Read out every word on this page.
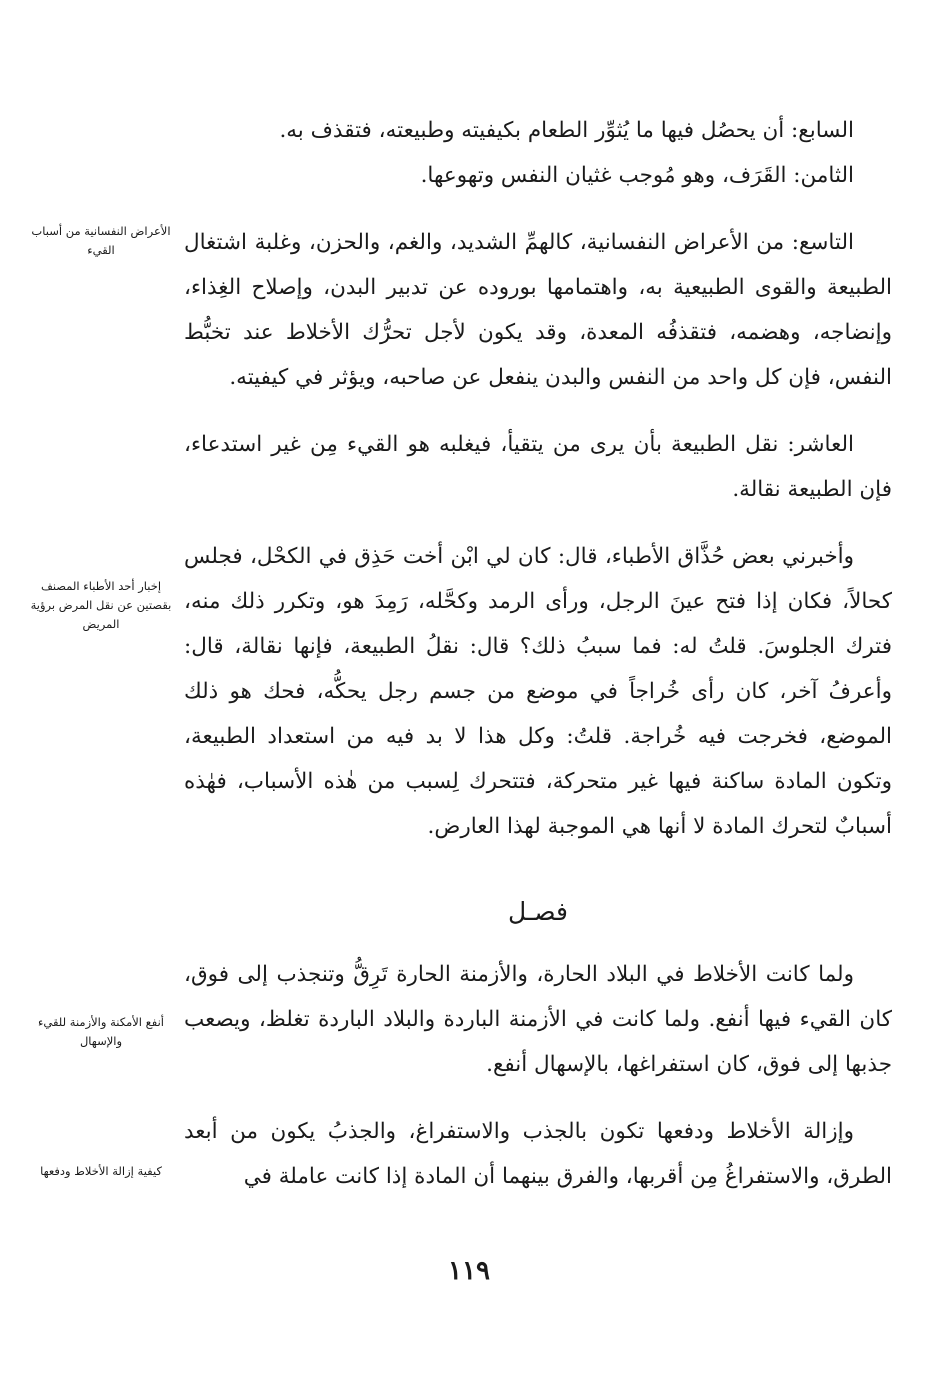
السابع: أن يحصُل فيها ما يُثوِّر الطعام بكيفيته وطبيعته، فتقذف به.

الثامن: القَرَف، وهو مُوجب غثيان النفس وتهوعها.

التاسع: من الأعراض النفسانية، كالهمِّ الشديد، والغم، والحزن، وغلبة اشتغال الطبيعة والقوى الطبيعية به، واهتمامها بوروده عن تدبير البدن، وإصلاح الغِذاء، وإنضاجه، وهضمه، فتقذفُه المعدة، وقد يكون لأجل تحرُّك الأخلاط عند تخبُّط النفس، فإن كل واحد من النفس والبدن ينفعل عن صاحبه، ويؤثر في كيفيته.

العاشر: نقل الطبيعة بأن يرى من يتقيأ، فيغلبه هو القيء مِن غير استدعاء، فإن الطبيعة نقالة.

وأخبرني بعض حُذَّاق الأطباء، قال: كان لي ابْن أخت حَذِق في الكحْل، فجلس كحالاً، فكان إذا فتح عينَ الرجل، ورأى الرمد وكحَّله، رَمِدَ هو، وتكرر ذلك منه، فترك الجلوسَ. قلتُ له: فما سببُ ذلك؟ قال: نقلُ الطبيعة، فإنها نقالة، قال: وأعرفُ آخر، كان رأى خُراجاً في موضع من جسم رجل يحكُّه، فحك هو ذلك الموضع، فخرجت فيه خُراجة. قلتُ: وكل هذا لا بد فيه من استعداد الطبيعة، وتكون المادة ساكنة فيها غير متحركة، فتتحرك لِسبب من هٰذه الأسباب، فهٰذه أسبابٌ لتحرك المادة لا أنها هي الموجبة لهذا العارض.

فصـل

ولما كانت الأخلاط في البلاد الحارة، والأزمنة الحارة تَرِقُّ وتنجذب إلى فوق، كان القيء فيها أنفع. ولما كانت في الأزمنة الباردة والبلاد الباردة تغلظ، ويصعب جذبها إلى فوق، كان استفراغها، بالإسهال أنفع.

وإزالة الأخلاط ودفعها تكون بالجذب والاستفراغ، والجذبُ يكون من أبعد الطرق، والاستفراغُ مِن أقربها، والفرق بينهما أن المادة إذا كانت عاملة في

الأعراض النفسانية من أسباب القيء
إخبار أحد الأطباء المصنف بقصتين عن نقل المرض برؤية المريض
أنفع الأمكنة والأزمنة للقيء والإسهال
كيفية إزالة الأخلاط ودفعها
١١٩
